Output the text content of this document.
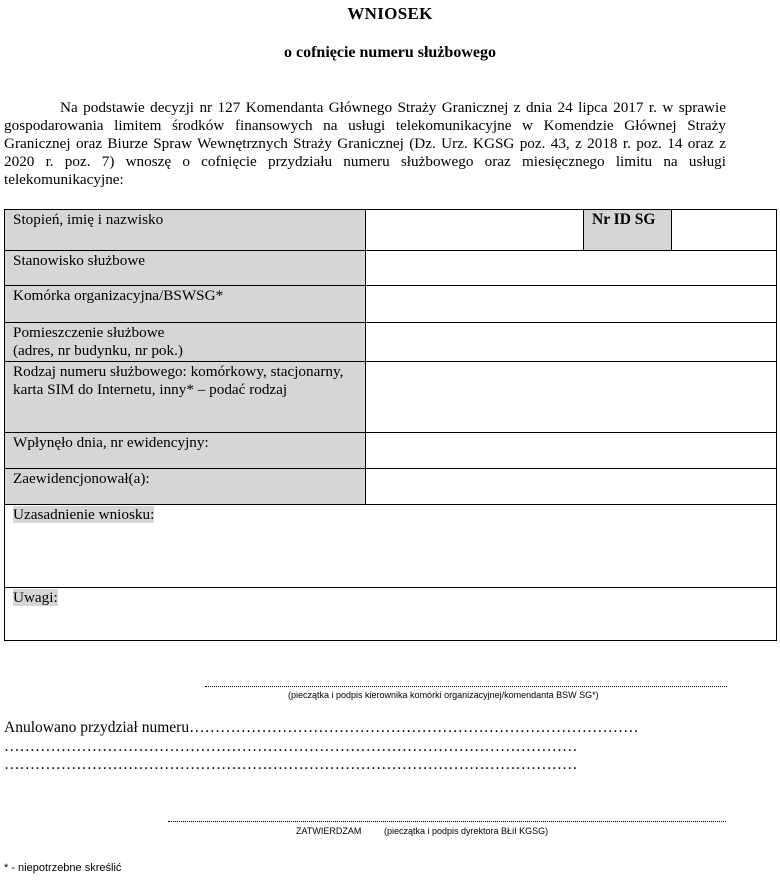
WNIOSEK
o cofnięcie numeru służbowego
Na podstawie decyzji nr 127 Komendanta Głównego Straży Granicznej z dnia 24 lipca 2017 r. w sprawie gospodarowania limitem środków finansowych na usługi telekomunikacyjne w Komendzie Głównej Straży Granicznej oraz Biurze Spraw Wewnętrznych Straży Granicznej (Dz. Urz. KGSG poz. 43, z 2018 r. poz. 14 oraz z 2020 r. poz. 7) wnoszę o cofnięcie przydziału numeru służbowego oraz miesięcznego limitu na usługi telekomunikacyjne:
Stopień, imię i nazwisko		Nr ID SG	
Stanowisko służbowe			
Komórka organizacyjna/BSWSG*			

Pomieszczenie służbowe
(adres, nr budynku, nr pok.)			

Rodzaj numeru służbowego: komórkowy, stacjonarny,
karta SIM do Internetu, inny* – podać rodzaj			

Wpłynęło dnia, nr ewidencyjny:			
Zaewidencjonował(a):			
Uzasadnienie wniosku:			
Uwagi:			
(pieczątka i podpis kierownika komórki organizacyjnej/komendanta BSW SG*)
Anulowano przydział numeru……………………………………………………………………………
…………………………………………………………………………………………………
…………………………………………………………………………………………………
ZATWIERDZAM	(pieczątka i podpis dyrektora BŁiI KGSG)
* - niepotrzebne skreślić
